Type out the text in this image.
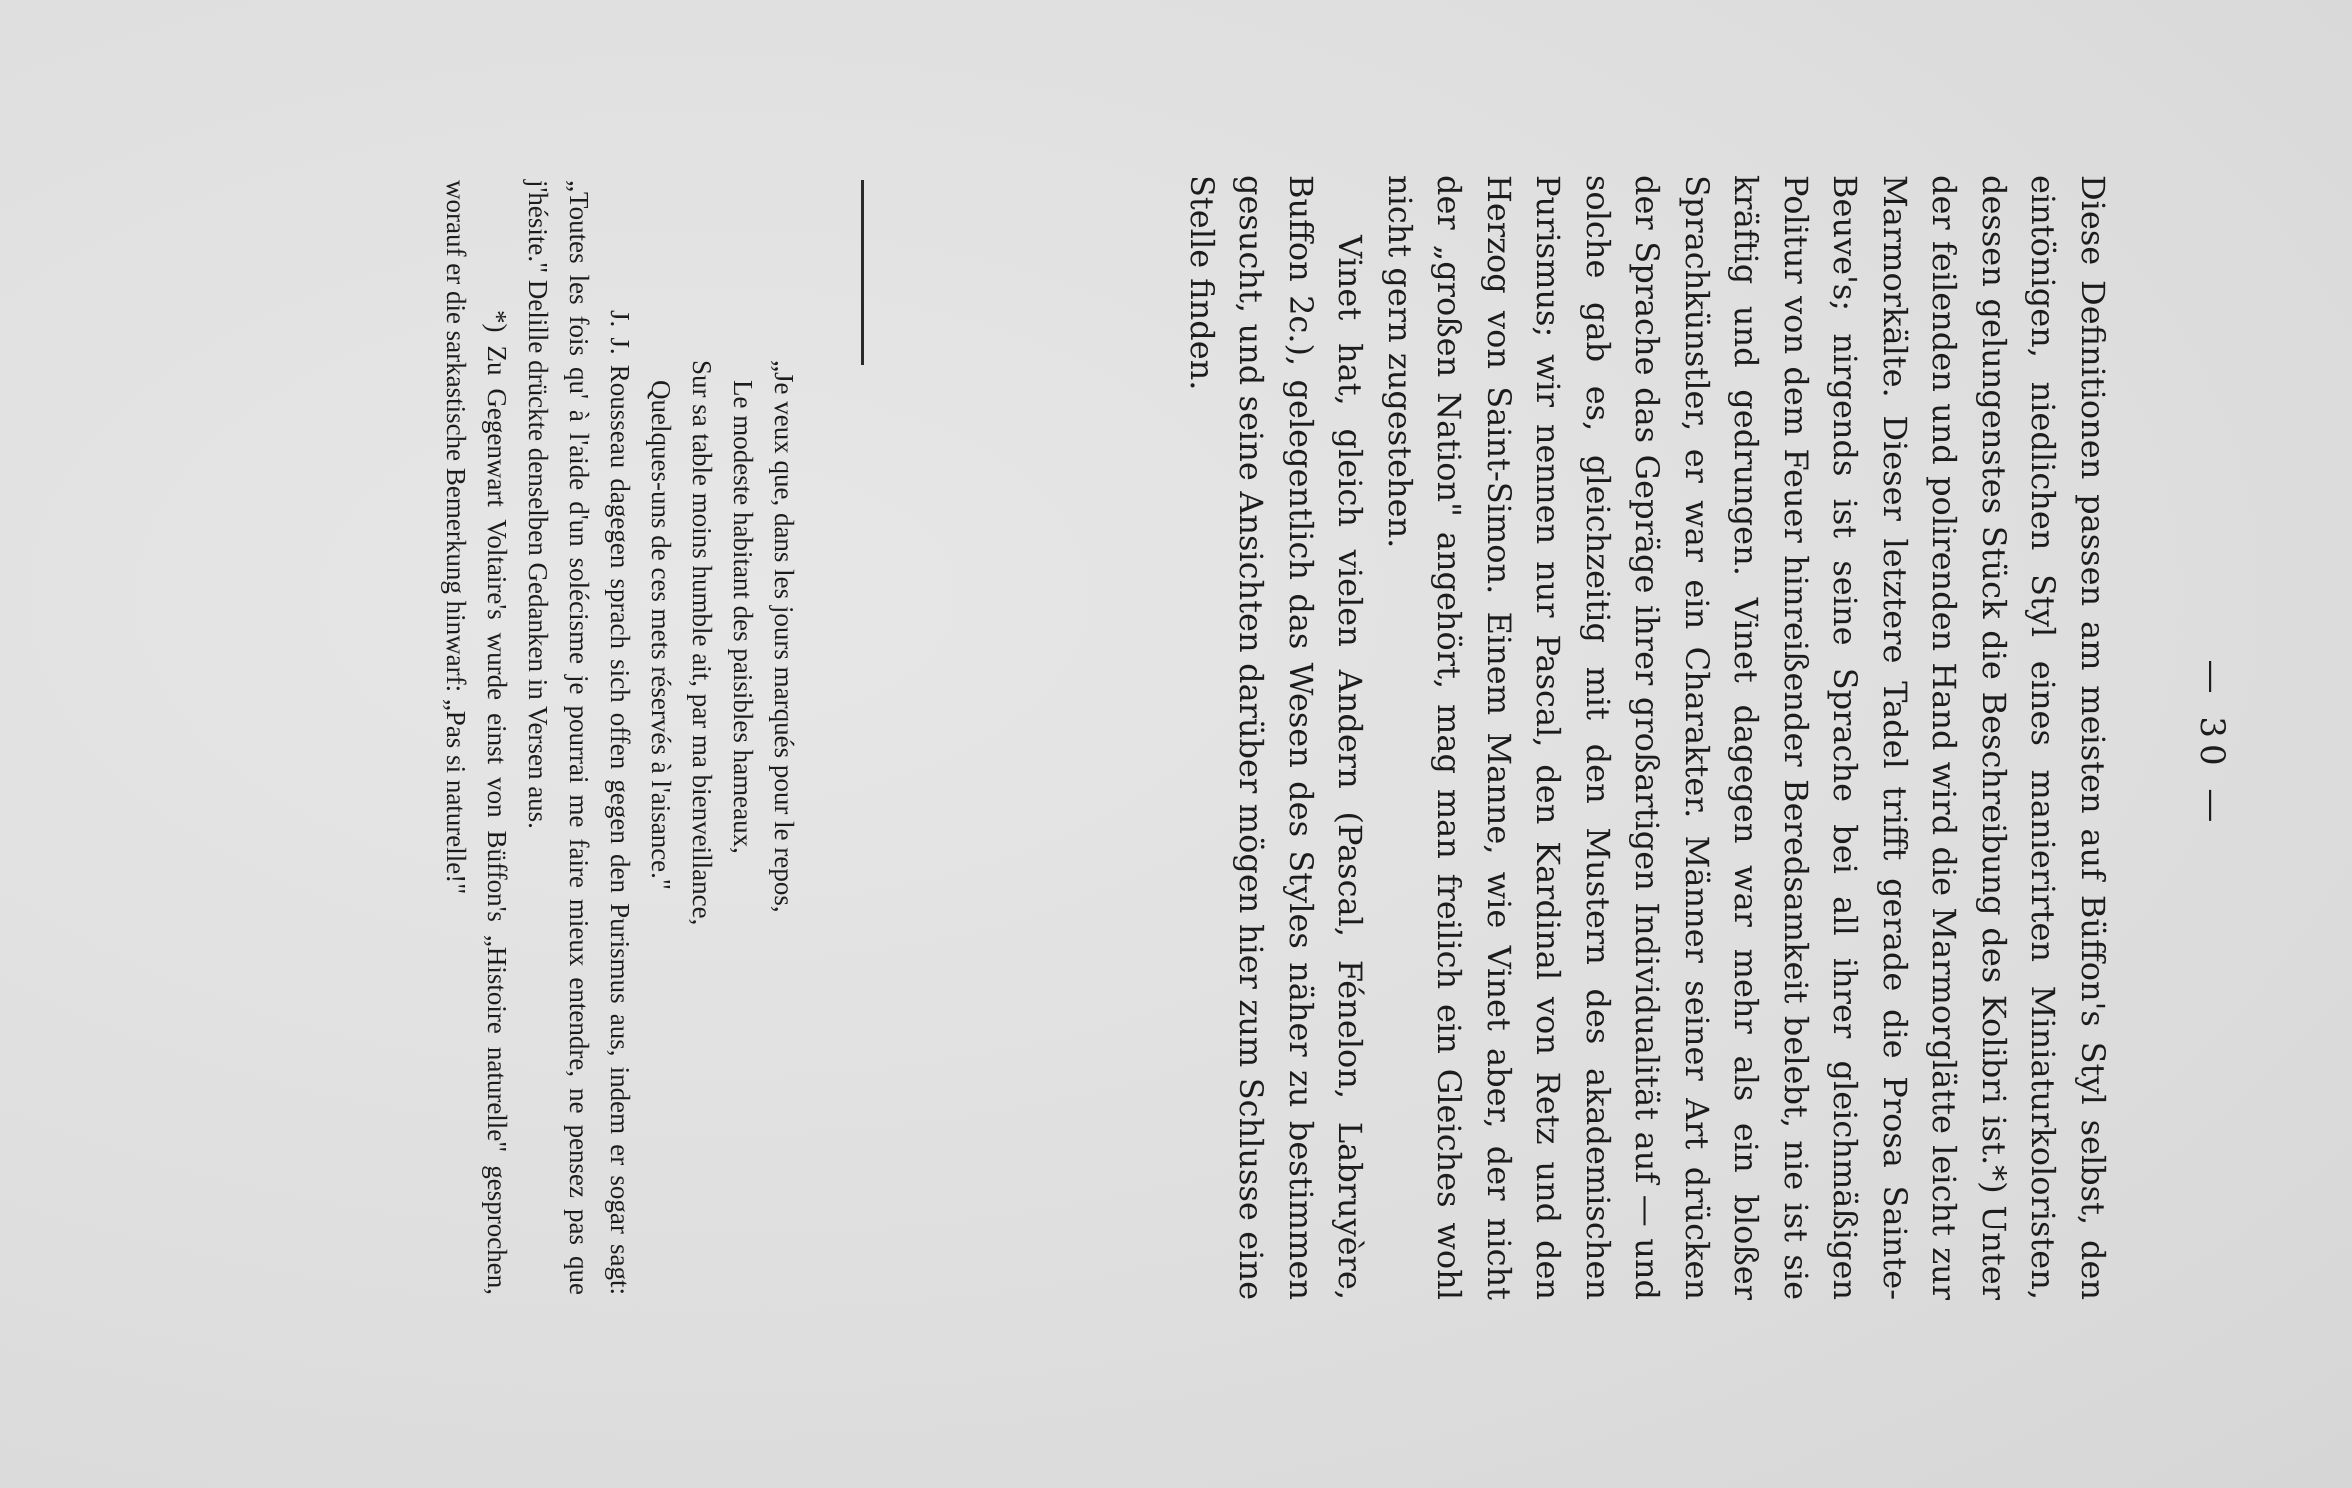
— 30 —

Diese Definitionen passen am meisten auf Büffon's Styl selbst, den eintönigen, niedlichen Styl eines manierirten Miniaturkoloristen, dessen gelungenstes Stück die Beschreibung des Kolibri ist.*) Unter der feilenden und polirenden Hand wird die Marmorglätte leicht zur Marmorkälte. Dieser letztere Tadel trifft gerade die Prosa Sainte-Beuve's; nirgends ist seine Sprache bei all ihrer gleichmäßigen Politur von dem Feuer hinreißender Beredsamkeit belebt, nie ist sie kräftig und gedrungen. Vinet dagegen war mehr als ein bloßer Sprachkünstler, er war ein Charakter. Männer seiner Art drücken der Sprache das Gepräge ihrer großartigen Individualität auf — und solche gab es, gleichzeitig mit den Mustern des akademischen Purismus; wir nennen nur Pascal, den Kardinal von Retz und den Herzog von Saint-Simon. Einem Manne, wie Vinet aber, der nicht der „großen Nation" angehört, mag man freilich ein Gleiches wohl nicht gern zugestehen.

Vinet hat, gleich vielen Andern (Pascal, Fénelon, Labruyère, Buffon 2c.), gelegentlich das Wesen des Styles näher zu bestimmen gesucht, und seine Ansichten darüber mögen hier zum Schlusse eine Stelle finden.

„Je veux que, dans les jours marqués pour le repos,
Le modeste habitant des paisibles hameaux,
Sur sa table moins humble ait, par ma bienveillance,
Quelques-uns de ces mets réservés à l'aisance."

J. J. Rousseau dagegen sprach sich offen gegen den Purismus aus, indem er sogar sagt: „Toutes les fois qu' à l'aide d'un solécisme je pourrai me faire mieux entendre, ne pensez pas que j'hésite." Delille drückte denselben Gedanken in Versen aus.

*) Zu Gegenwart Voltaire's wurde einst von Büffon's „Histoire naturelle" gesprochen, worauf er die sarkastische Bemerkung hinwarf: „Pas si naturelle!"
